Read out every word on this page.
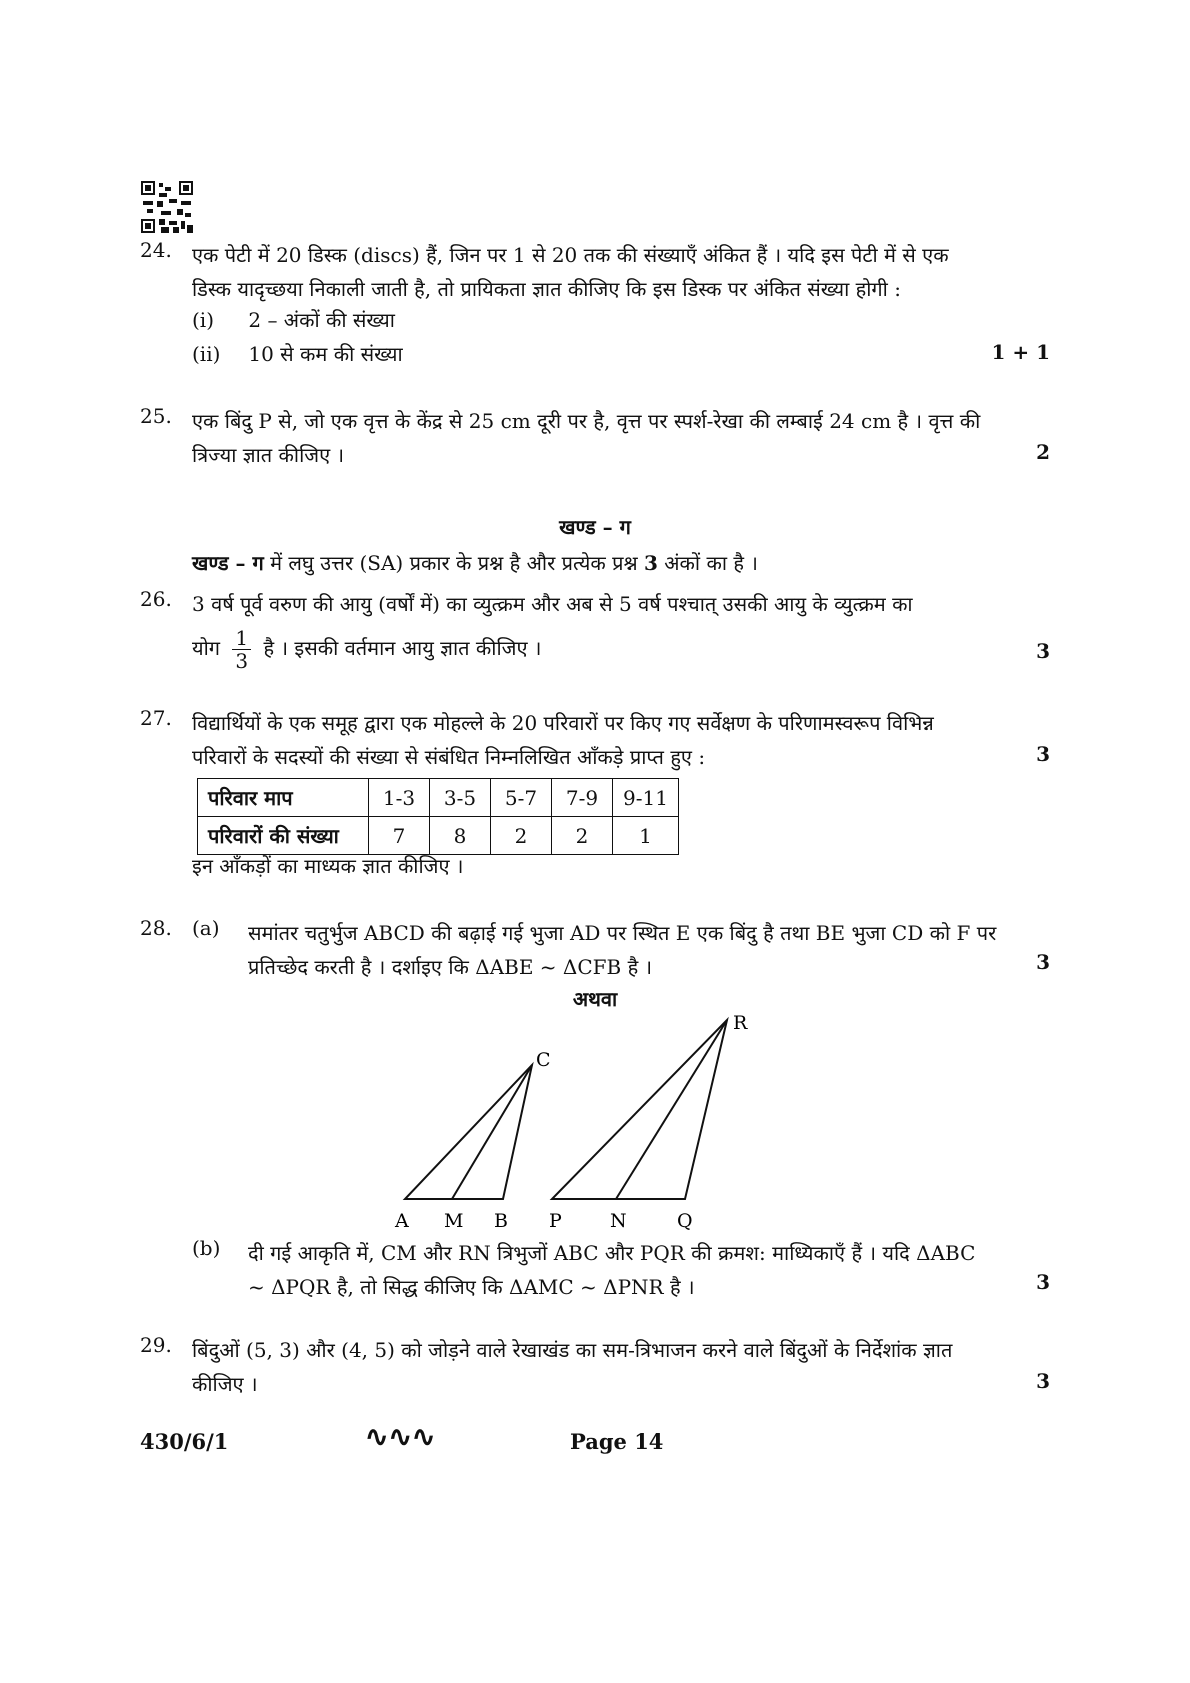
24.	एक पेटी में 20 डिस्क (discs) हैं, जिन पर 1 से 20 तक की संख्याएँ अंकित हैं । यदि इस पेटी में से एक डिस्क यादृच्छया निकाली जाती है, तो प्रायिकता ज्ञात कीजिए कि इस डिस्क पर अंकित संख्या होगी :
(i) 2 – अंकों की संख्या
(ii) 10 से कम की संख्या	1 + 1
25.	एक बिंदु P से, जो एक वृत्त के केंद्र से 25 cm दूरी पर है, वृत्त पर स्पर्श-रेखा की लम्बाई 24 cm है । वृत्त की त्रिज्या ज्ञात कीजिए ।	2
खण्ड – ग
खण्ड – ग में लघु उत्तर (SA) प्रकार के प्रश्न है और प्रत्येक प्रश्न 3 अंकों का है ।
26.	3 वर्ष पूर्व वरुण की आयु (वर्षों में) का व्युत्क्रम और अब से 5 वर्ष पश्चात् उसकी आयु के व्युत्क्रम का
योग $\frac{1}{3}$ है । इसकी वर्तमान आयु ज्ञात कीजिए ।	3
27.	विद्यार्थियों के एक समूह द्वारा एक मोहल्ले के 20 परिवारों पर किए गए सर्वेक्षण के परिणामस्वरूप विभिन्न परिवारों के सदस्यों की संख्या से संबंधित निम्नलिखित आँकड़े प्राप्त हुए :	3
परिवार माप	1-3	3-5	5-7	7-9	9-11
परिवारों की संख्या	7	8	2	2	1
इन आँकड़ों का माध्यक ज्ञात कीजिए ।
28.	(a) समांतर चतुर्भुज ABCD की बढ़ाई गई भुजा AD पर स्थित E एक बिंदु है तथा BE भुजा CD को F पर प्रतिच्छेद करती है । दर्शाइए कि ΔABE ~ ΔCFB है ।	3
अथवा
A M B
C
P	N	Q
R
(b) दी गई आकृति में, CM और RN त्रिभुजों ABC और PQR की क्रमश: माध्यिकाएँ हैं । यदि ΔABC ~ ΔPQR है, तो सिद्ध कीजिए कि ΔAMC ~ ΔPNR है ।	3
29.	बिंदुओं (5, 3) और (4, 5) को जोड़ने वाले रेखाखंड का सम-त्रिभाजन करने वाले बिंदुओं के निर्देशांक ज्ञात कीजिए ।	3
430/6/1	∿∿∿	Page 14
